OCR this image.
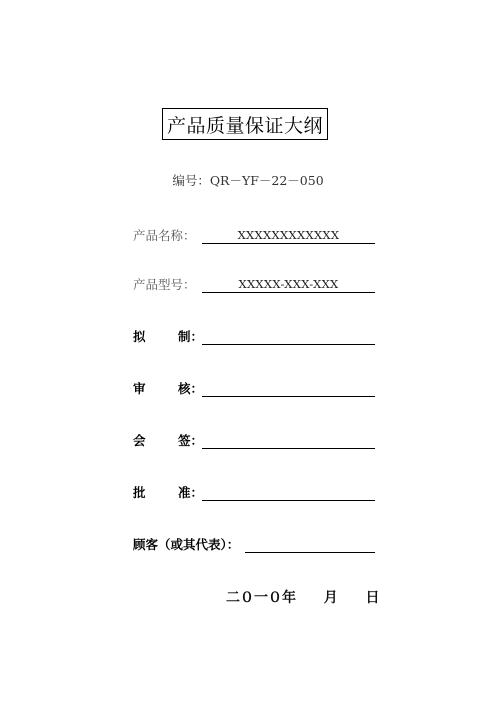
产品质量保证大纲
编号：QR－YF－22－050
产品名称：	XXXXXXXXXXXX
产品型号：	XXXXX-XXX-XXX
拟	制：
审	核：
会	签：
批	准：
顾客（或其代表）：
二０一０年 月 日
